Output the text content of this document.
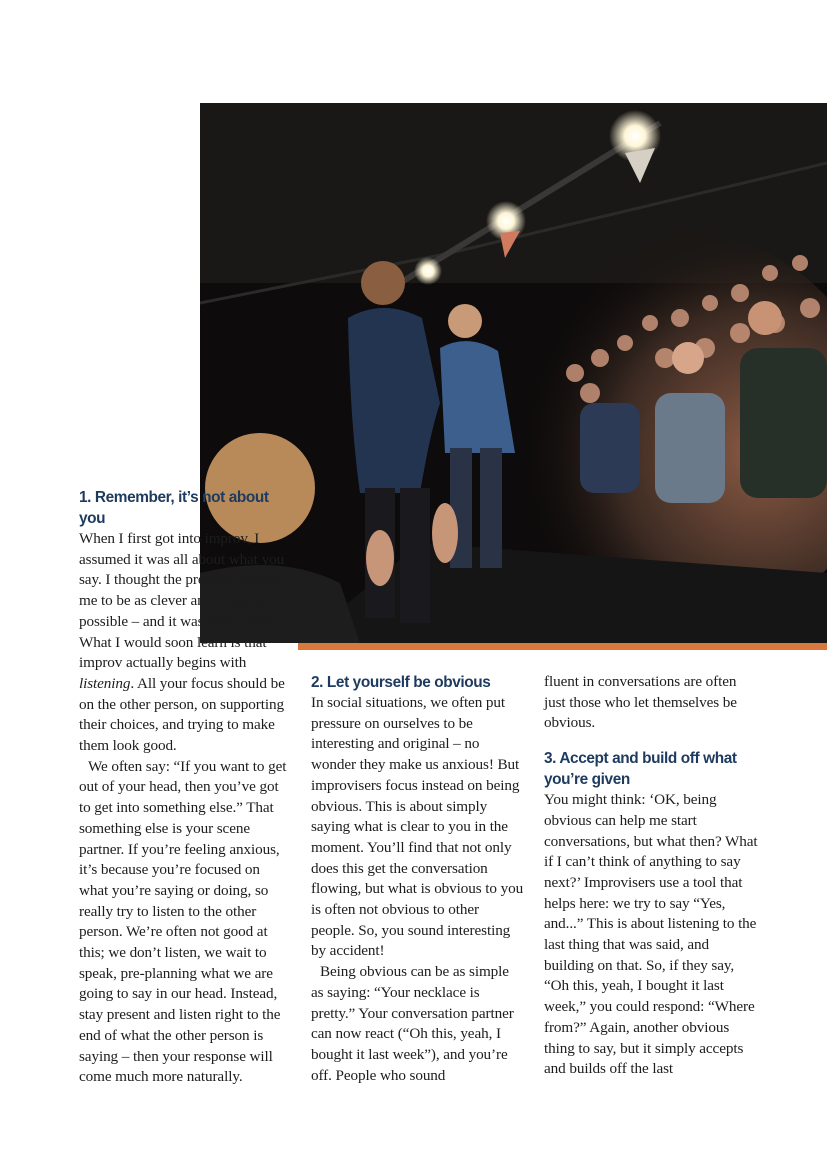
1. Remember, it’s not about you

When I first got into improv, I assumed it was all about what you say. I thought the pressure was on me to be as clever and funny as possible – and it was suffocating. What I would soon learn is that improv actually begins with listening. All your focus should be on the other person, on supporting their choices, and trying to make them look good.

We often say: “If you want to get out of your head, then you’ve got to get into something else.” That something else is your scene partner. If you’re feeling anxious, it’s because you’re focused on what you’re saying or doing, so really try to listen to the other person. We’re often not good at this; we don’t listen, we wait to speak, pre-planning what we are going to say in our head. Instead, stay present and listen right to the end of what the other person is saying – then your response will come much more naturally.

2. Let yourself be obvious

In social situations, we often put pressure on ourselves to be interesting and original – no wonder they make us anxious! But improvisers focus instead on being obvious. This is about simply saying what is clear to you in the moment. You’ll find that not only does this get the conversation flowing, but what is obvious to you is often not obvious to other people. So, you sound interesting by accident!

Being obvious can be as simple as saying: “Your necklace is pretty.” Your conversation partner can now react (“Oh this, yeah, I bought it last week”), and you’re off. People who sound

fluent in conversations are often just those who let themselves be obvious.

3. Accept and build off what you’re given

You might think: ‘OK, being obvious can help me start conversations, but what then? What if I can’t think of anything to say next?’ Improvisers use a tool that helps here: we try to say “Yes, and...” This is about listening to the last thing that was said, and building on that. So, if they say, “Oh this, yeah, I bought it last week,” you could respond: “Where from?” Again, another obvious thing to say, but it simply accepts and builds off the last
